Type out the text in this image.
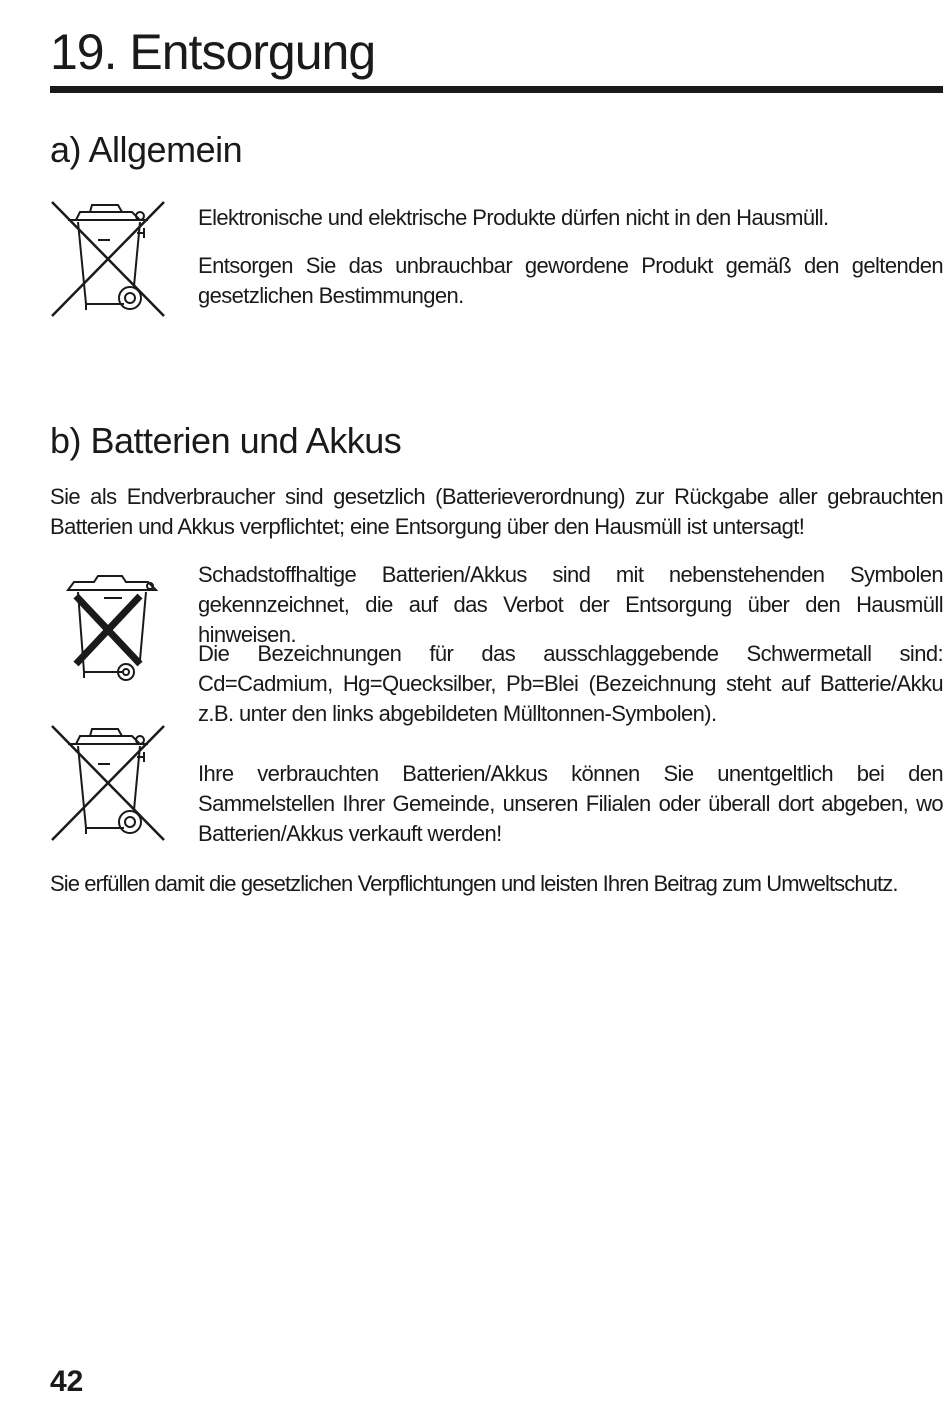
19. Entsorgung
a) Allgemein

Elektronische und elektrische Produkte dürfen nicht in den Hausmüll.

Entsorgen Sie das unbrauchbar gewordene Produkt gemäß den geltenden gesetzlichen Bestimmungen.

b) Batterien und Akkus

Sie als Endverbraucher sind gesetzlich (Batterieverordnung) zur Rückgabe aller gebrauchten Batterien und Akkus verpflichtet; eine Entsorgung über den Hausmüll ist untersagt!

Schadstoffhaltige Batterien/Akkus sind mit nebenstehenden Symbolen gekennzeichnet, die auf das Verbot der Entsorgung über den Hausmüll hinweisen.

Die Bezeichnungen für das ausschlaggebende Schwermetall sind: Cd=Cadmium, Hg=Quecksilber, Pb=Blei (Bezeichnung steht auf Batterie/Akku z.B. unter den links abgebildeten Mülltonnen-Symbolen).

Ihre verbrauchten Batterien/Akkus können Sie unentgeltlich bei den Sammelstellen Ihrer Gemeinde, unseren Filialen oder überall dort abgeben, wo Batterien/Akkus verkauft werden!

Sie erfüllen damit die gesetzlichen Verpflichtungen und leisten Ihren Beitrag zum Umweltschutz.

42
